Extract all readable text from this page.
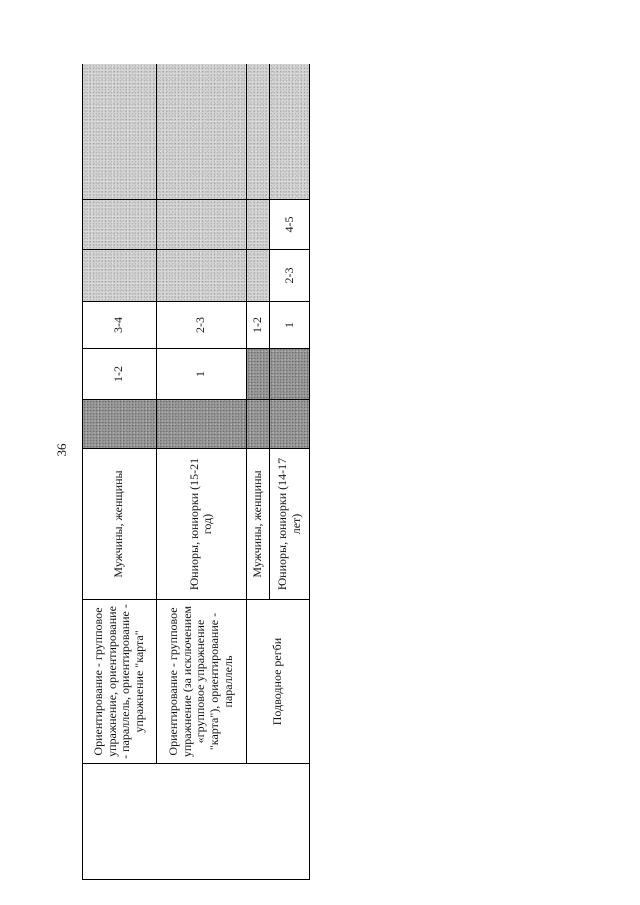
36
	Ориентирование - групповое упражнение, ориентирование - параллель, ориентирование - упражнение "карта"	Мужчины, женщины		1-2	3-4			
	Ориентирование - групповое упражнение (за исключением «групповое упражнение "карта"), ориентирование - параллель	Юниоры, юниорки (15-21 год)		1	2-3			
	Подводное регби	Мужчины, женщины			1-2			
		Юниоры, юниорки (14-17 лет)			1	2-3	4-5	
